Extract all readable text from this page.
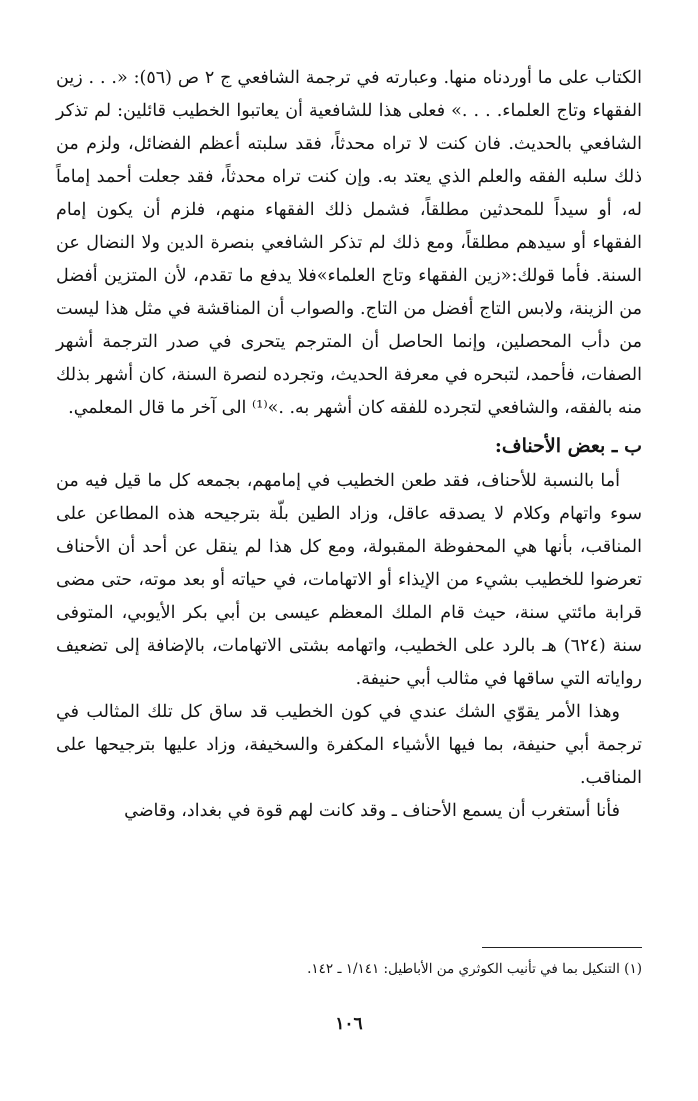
الكتاب على ما أوردناه منها. وعبارته في ترجمة الشافعي ج ٢ ص (٥٦): «. . . زين الفقهاء وتاج العلماء. . . .» فعلى هذا للشافعية أن يعاتبوا الخطيب قائلين: لم تذكر الشافعي بالحديث. فان كنت لا تراه محدثاً، فقد سلبته أعظم الفضائل، ولزم من ذلك سلبه الفقه والعلم الذي يعتد به. وإن كنت تراه محدثاً، فقد جعلت أحمد إماماً له، أو سيداً للمحدثين مطلقاً، فشمل ذلك الفقهاء منهم، فلزم أن يكون إمام الفقهاء أو سيدهم مطلقاً، ومع ذلك لم تذكر الشافعي بنصرة الدين ولا النضال عن السنة. فأما قولك:«زين الفقهاء وتاج العلماء»فلا يدفع ما تقدم، لأن المتزين أفضل من الزينة، ولابس التاج أفضل من التاج. والصواب أن المناقشة في مثل هذا ليست من دأب المحصلين، وإنما الحاصل أن المترجم يتحرى في صدر الترجمة أشهر الصفات، فأحمد، لتبحره في معرفة الحديث، وتجرده لنصرة السنة، كان أشهر بذلك منه بالفقه، والشافعي لتجرده للفقه كان أشهر به. .»⁽¹⁾ الى آخر ما قال المعلمي.

ب ـ بعض الأحناف:

أما بالنسبة للأحناف، فقد طعن الخطيب في إمامهم، بجمعه كل ما قيل فيه من سوء واتهام وكلام لا يصدقه عاقل، وزاد الطين بلّة بترجيحه هذه المطاعن على المناقب، بأنها هي المحفوظة المقبولة، ومع كل هذا لم ينقل عن أحد أن الأحناف تعرضوا للخطيب بشيء من الإيذاء أو الاتهامات، في حياته أو بعد موته، حتى مضى قرابة مائتي سنة، حيث قام الملك المعظم عيسى بن أبي بكر الأيوبي، المتوفى سنة (٦٢٤) هـ بالرد على الخطيب، واتهامه بشتى الاتهامات، بالإضافة إلى تضعيف رواياته التي ساقها في مثالب أبي حنيفة.

وهذا الأمر يقوّي الشك عندي في كون الخطيب قد ساق كل تلك المثالب في ترجمة أبي حنيفة، بما فيها الأشياء المكفرة والسخيفة، وزاد عليها بترجيحها على المناقب.

فأنا أستغرب أن يسمع الأحناف ـ وقد كانت لهم قوة في بغداد، وقاضي

(١) التنكيل بما في تأنيب الكوثري من الأباطيل: ١/١٤١ ـ ١٤٢.

١٠٦
